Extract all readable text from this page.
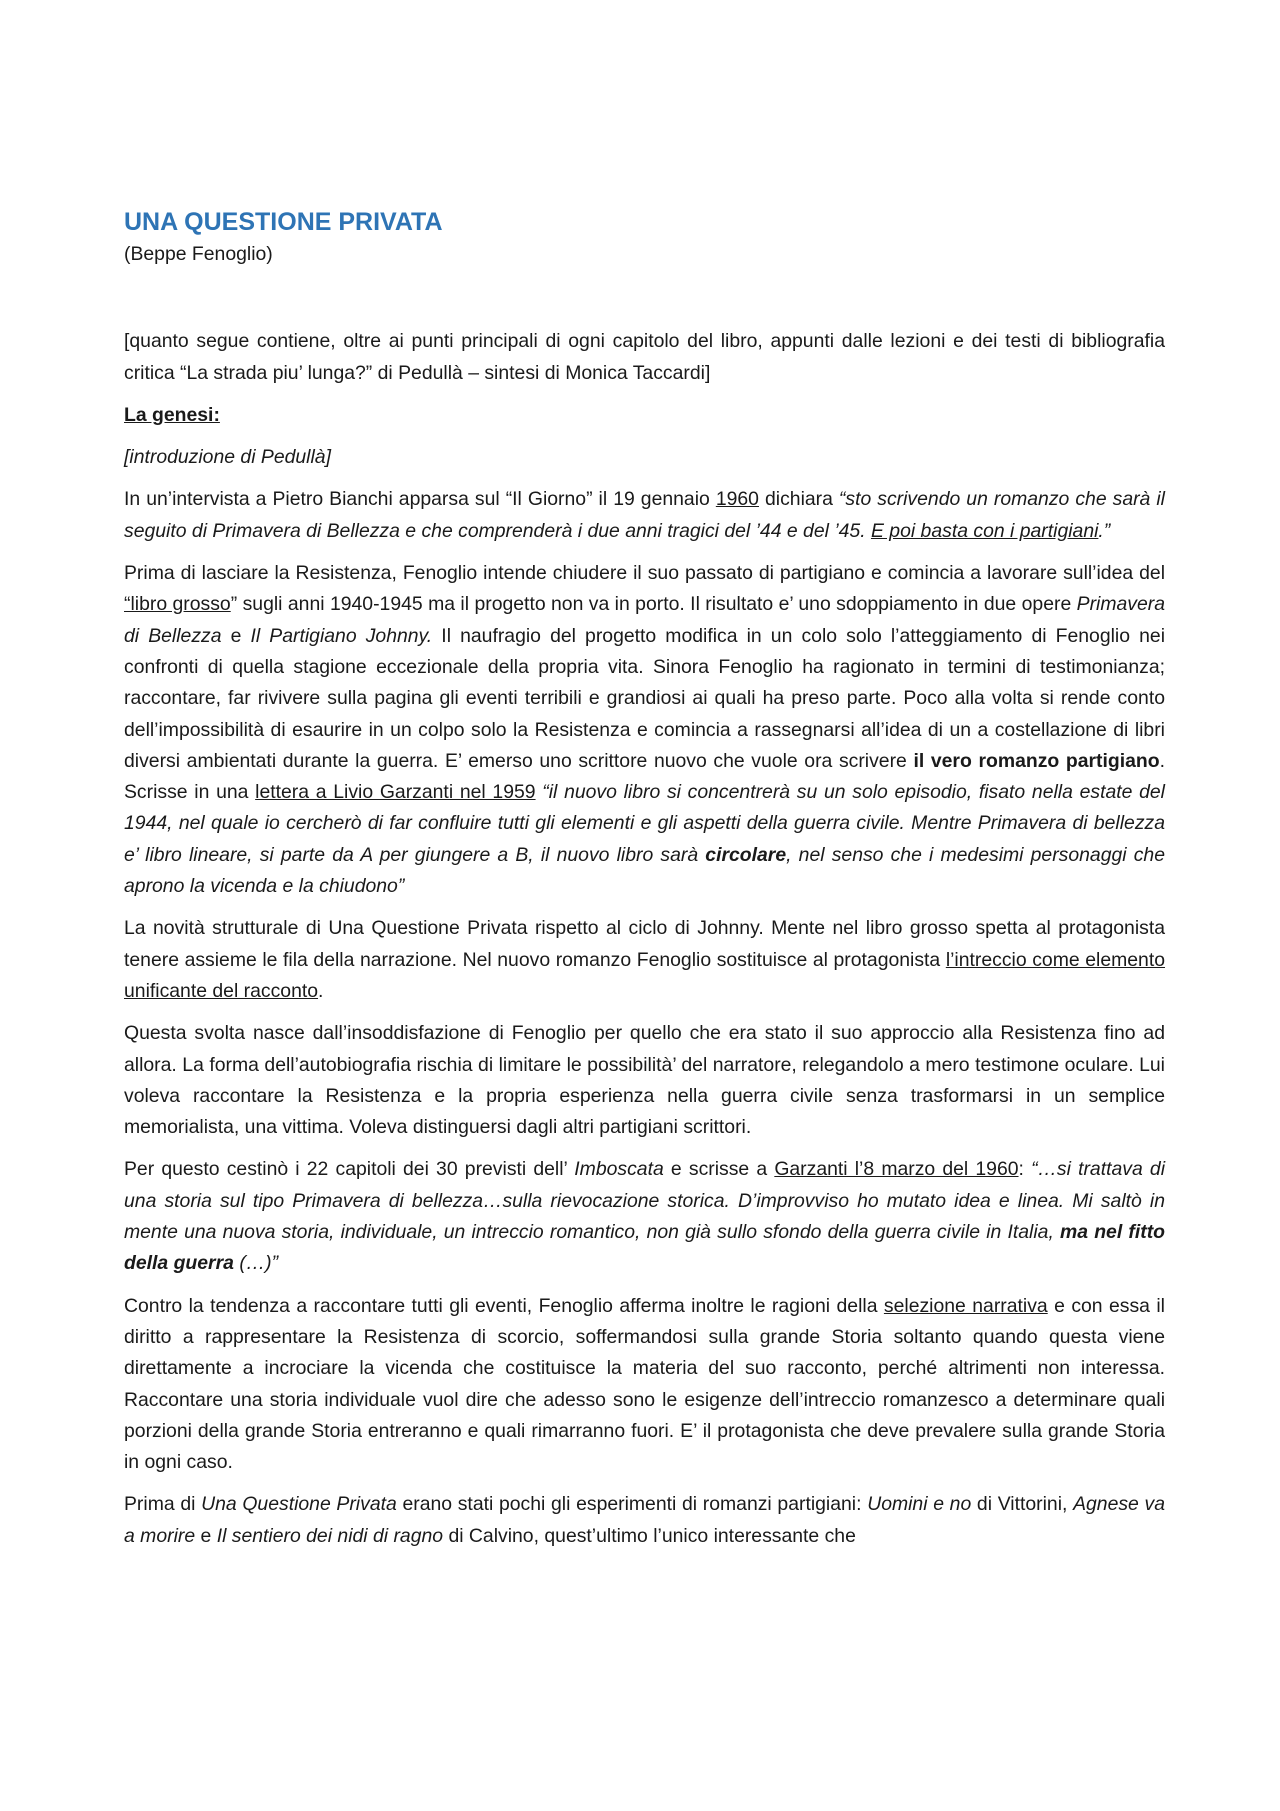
UNA QUESTIONE PRIVATA
(Beppe Fenoglio)

[quanto segue contiene, oltre ai punti principali di ogni capitolo del libro, appunti dalle lezioni e dei testi di bibliografia critica “La strada piu’ lunga?” di Pedullà – sintesi di Monica Taccardi]

La genesi:

[introduzione di Pedullà]

In un’intervista a Pietro Bianchi apparsa sul “Il Giorno” il 19 gennaio 1960 dichiara “sto scrivendo un romanzo che sarà il seguito di Primavera di Bellezza e che comprenderà i due anni tragici del ’44 e del ’45. E poi basta con i partigiani.”

Prima di lasciare la Resistenza, Fenoglio intende chiudere il suo passato di partigiano e comincia a lavorare sull’idea del “libro grosso” sugli anni 1940-1945 ma il progetto non va in porto. Il risultato e’ uno sdoppiamento in due opere Primavera di Bellezza e Il Partigiano Johnny. Il naufragio del progetto modifica in un colo solo l’atteggiamento di Fenoglio nei confronti di quella stagione eccezionale della propria vita. Sinora Fenoglio ha ragionato in termini di testimonianza; raccontare, far rivivere sulla pagina gli eventi terribili e grandiosi ai quali ha preso parte. Poco alla volta si rende conto dell’impossibilità di esaurire in un colpo solo la Resistenza e comincia a rassegnarsi all’idea di un a costellazione di libri diversi ambientati durante la guerra. E’ emerso uno scrittore nuovo che vuole ora scrivere il vero romanzo partigiano. Scrisse in una lettera a Livio Garzanti nel 1959 “il nuovo libro si concentrerà su un solo episodio, fisato nella estate del 1944, nel quale io cercherò di far confluire tutti gli elementi e gli aspetti della guerra civile. Mentre Primavera di bellezza e’ libro lineare, si parte da A per giungere a B, il nuovo libro sarà circolare, nel senso che i medesimi personaggi che aprono la vicenda e la chiudono”

La novità strutturale di Una Questione Privata rispetto al ciclo di Johnny. Mente nel libro grosso spetta al protagonista tenere assieme le fila della narrazione. Nel nuovo romanzo Fenoglio sostituisce al protagonista l’intreccio come elemento unificante del racconto.

Questa svolta nasce dall’insoddisfazione di Fenoglio per quello che era stato il suo approccio alla Resistenza fino ad allora. La forma dell’autobiografia rischia di limitare le possibilità’ del narratore, relegandolo a mero testimone oculare. Lui voleva raccontare la Resistenza e la propria esperienza nella guerra civile senza trasformarsi in un semplice memorialista, una vittima. Voleva distinguersi dagli altri partigiani scrittori.

Per questo cestinò i 22 capitoli dei 30 previsti dell’ Imboscata e scrisse a Garzanti l’8 marzo del 1960: “…si trattava di una storia sul tipo Primavera di bellezza…sulla rievocazione storica. D’improvviso ho mutato idea e linea. Mi saltò in mente una nuova storia, individuale, un intreccio romantico, non già sullo sfondo della guerra civile in Italia, ma nel fitto della guerra (…)”

Contro la tendenza a raccontare tutti gli eventi, Fenoglio afferma inoltre le ragioni della selezione narrativa e con essa il diritto a rappresentare la Resistenza di scorcio, soffermandosi sulla grande Storia soltanto quando questa viene direttamente a incrociare la vicenda che costituisce la materia del suo racconto, perché altrimenti non interessa. Raccontare una storia individuale vuol dire che adesso sono le esigenze dell’intreccio romanzesco a determinare quali porzioni della grande Storia entreranno e quali rimarranno fuori. E’ il protagonista che deve prevalere sulla grande Storia in ogni caso.

Prima di Una Questione Privata erano stati pochi gli esperimenti di romanzi partigiani: Uomini e no di Vittorini, Agnese va a morire e Il sentiero dei nidi di ragno di Calvino, quest’ultimo l’unico interessante che
